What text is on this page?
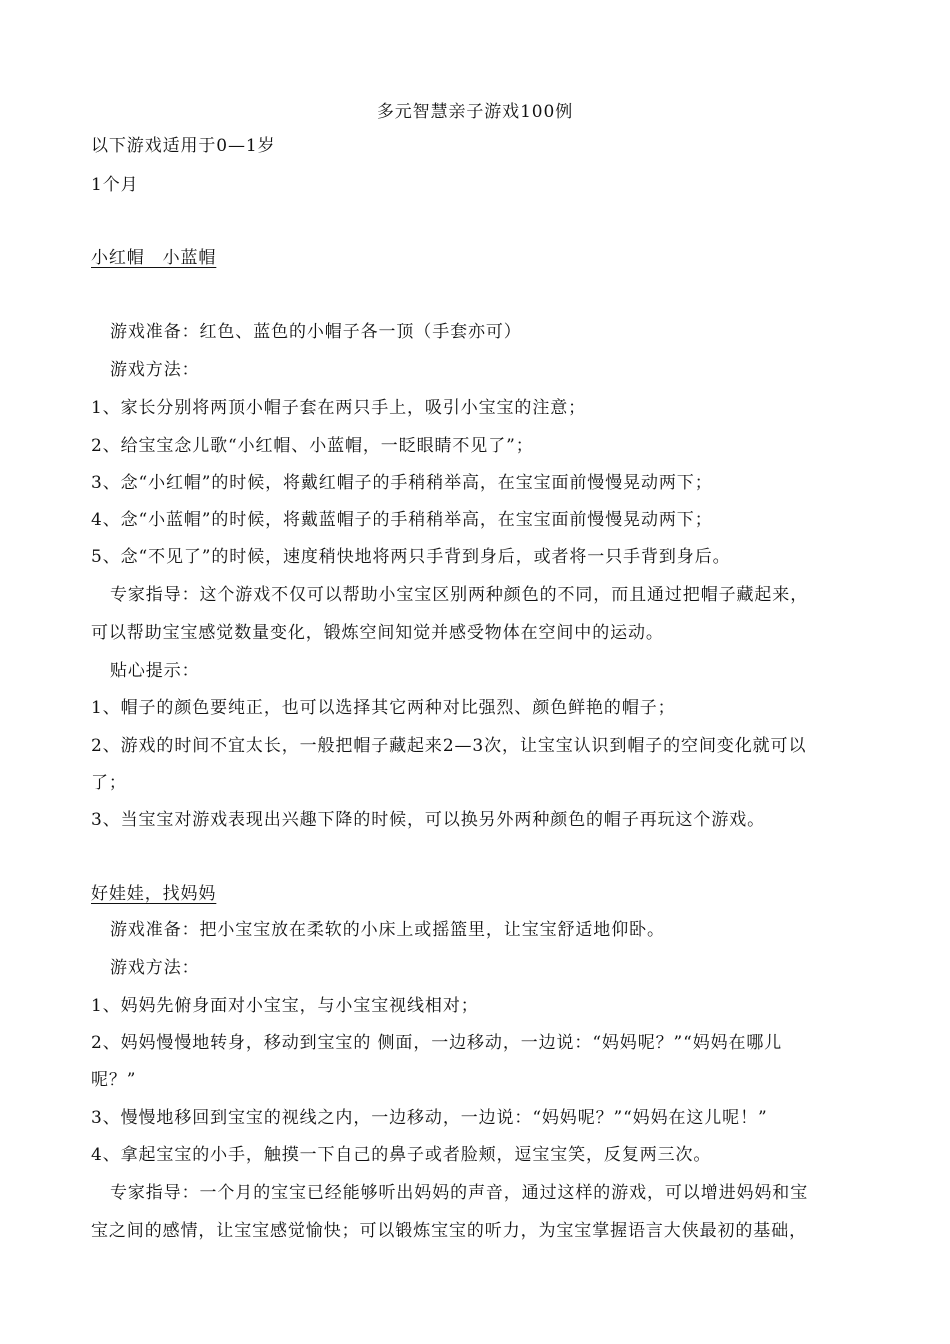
多元智慧亲子游戏100例
以下游戏适用于0—1岁
1个月
小红帽　小蓝帽
游戏准备：红色、蓝色的小帽子各一顶（手套亦可）
游戏方法：
1、家长分别将两顶小帽子套在两只手上，吸引小宝宝的注意；
2、给宝宝念儿歌“小红帽、小蓝帽，一眨眼睛不见了”；
3、念“小红帽”的时候，将戴红帽子的手稍稍举高，在宝宝面前慢慢晃动两下；
4、念“小蓝帽”的时候，将戴蓝帽子的手稍稍举高，在宝宝面前慢慢晃动两下；
5、念“不见了”的时候，速度稍快地将两只手背到身后，或者将一只手背到身后。
专家指导：这个游戏不仅可以帮助小宝宝区别两种颜色的不同，而且通过把帽子藏起来，
可以帮助宝宝感觉数量变化，锻炼空间知觉并感受物体在空间中的运动。
贴心提示：
1、帽子的颜色要纯正，也可以选择其它两种对比强烈、颜色鲜艳的帽子；
2、游戏的时间不宜太长，一般把帽子藏起来2—3次，让宝宝认识到帽子的空间变化就可以
了；
3、当宝宝对游戏表现出兴趣下降的时候，可以换另外两种颜色的帽子再玩这个游戏。
好娃娃，找妈妈
游戏准备：把小宝宝放在柔软的小床上或摇篮里，让宝宝舒适地仰卧。
游戏方法：
1、妈妈先俯身面对小宝宝，与小宝宝视线相对；
2、妈妈慢慢地转身，移动到宝宝的 侧面，一边移动，一边说：“妈妈呢？”“妈妈在哪儿
呢？”
3、慢慢地移回到宝宝的视线之内，一边移动，一边说：“妈妈呢？”“妈妈在这儿呢！”
4、拿起宝宝的小手，触摸一下自己的鼻子或者脸颊，逗宝宝笑，反复两三次。
专家指导：一个月的宝宝已经能够听出妈妈的声音，通过这样的游戏，可以增进妈妈和宝
宝之间的感情，让宝宝感觉愉快；可以锻炼宝宝的听力，为宝宝掌握语言大侠最初的基础，
